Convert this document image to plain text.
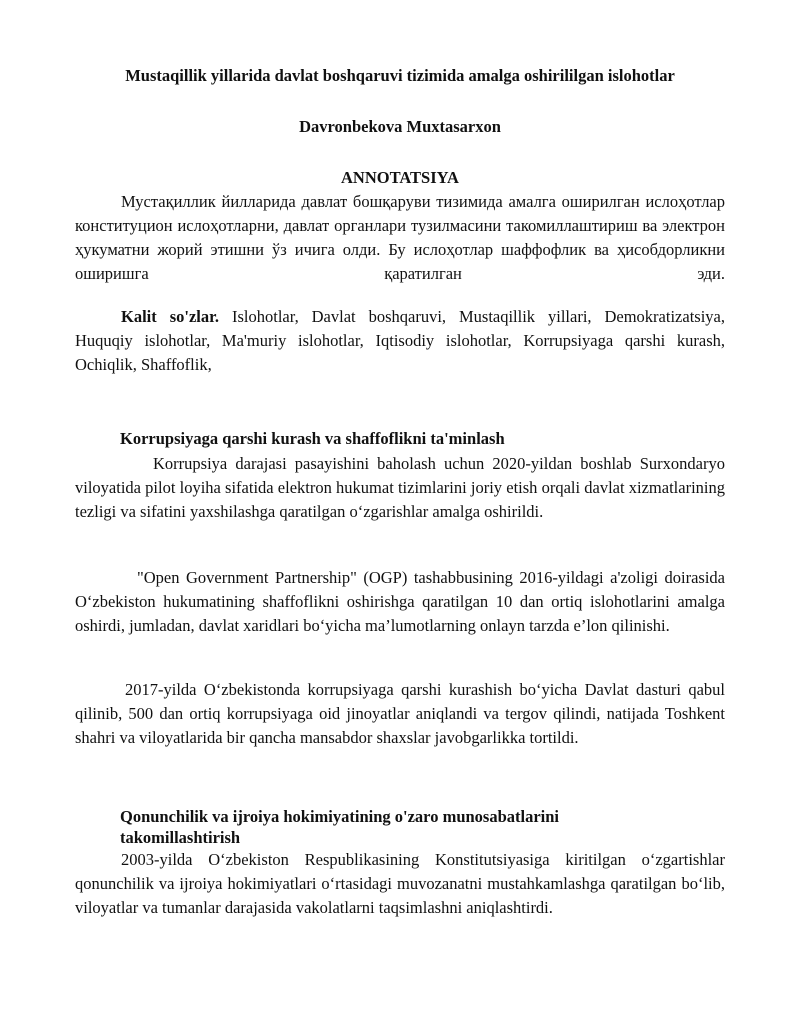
Mustaqillik yillarida davlat boshqaruvi tizimida amalga oshirililgan islohotlar
Davronbekova Muxtasarxon
ANNOTATSIYA

Мустақиллик йилларида давлат бошқаруви тизимида амалга оширилган ислоҳотлар конституцион ислоҳотларни, давлат органлари тузилмасини такомиллаштириш ва электрон ҳукуматни жорий этишни ўз ичига олди. Бу ислоҳотлар шаффофлик ва ҳисобдорликни оширишга қаратилган эди.

Kalit so'zlar. Islohotlar, Davlat boshqaruvi, Mustaqillik yillari, Demokratizatsiya, Huquqiy islohotlar, Ma'muriy islohotlar, Iqtisodiy islohotlar, Korrupsiyaga qarshi kurash, Ochiqlik, Shaffoflik,

Korrupsiyaga qarshi kurash va shaffoflikni ta'minlash

Korrupsiya darajasi pasayishini baholash uchun 2020-yildan boshlab Surxondaryo viloyatida pilot loyiha sifatida elektron hukumat tizimlarini joriy etish orqali davlat xizmatlarining tezligi va sifatini yaxshilashga qaratilgan oʻzgarishlar amalga oshirildi.

"Open Government Partnership" (OGP) tashabbusining 2016-yildagi a'zoligi doirasida Oʻzbekiston hukumatining shaffoflikni oshirishga qaratilgan 10 dan ortiq islohotlarini amalga oshirdi, jumladan, davlat xaridlari boʻyicha ma’lumotlarning onlayn tarzda e’lon qilinishi.

2017-yilda Oʻzbekistonda korrupsiyaga qarshi kurashish boʻyicha Davlat dasturi qabul qilinib, 500 dan ortiq korrupsiyaga oid jinoyatlar aniqlandi va tergov qilindi, natijada Toshkent shahri va viloyatlarida bir qancha mansabdor shaxslar javobgarlikka tortildi.

Qonunchilik va ijroiya hokimiyatining o'zaro munosabatlarini takomillashtirish

2003-yilda Oʻzbekiston Respublikasining Konstitutsiyasiga kiritilgan oʻzgartishlar qonunchilik va ijroiya hokimiyatlari oʻrtasidagi muvozanatni mustahkamlashga qaratilgan boʻlib, viloyatlar va tumanlar darajasida vakolatlarni taqsimlashni aniqlashtirdi.
